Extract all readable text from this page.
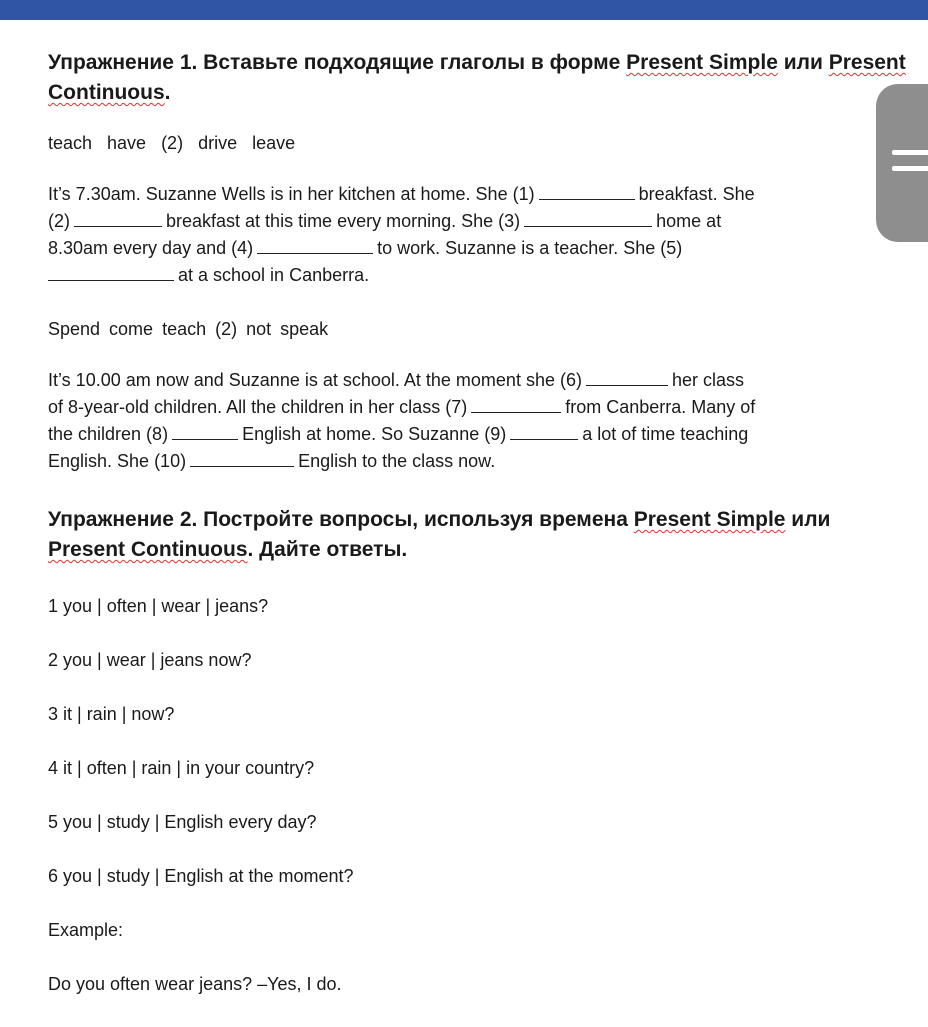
Упражнение 1. Вставьте подходящие глаголы в форме Present Simple или Present Continuous.
teach have (2) drive leave
It’s 7.30am. Suzanne Wells is in her kitchen at home. She (1)	breakfast. She
(2)	breakfast at this time every morning. She (3)	home at
8.30am every day and (4)	to work. Suzanne is a teacher. She (5)
at a school in Canberra.
Spend come teach (2) not speak
It’s 10.00 am now and Suzanne is at school. At the moment she (6)	her class
of 8-year-old children. All the children in her class (7)	from Canberra. Many of
the children (8)	English at home. So Suzanne (9)	a lot of time teaching
English. She (10)	English to the class now.
Упражнение 2. Постройте вопросы, используя времена Present Simple или Present Continuous. Дайте ответы.

1 you | often | wear | jeans?

2 you | wear | jeans now?

3 it | rain | now?

4 it | often | rain | in your country?

5 you | study | English every day?

6 you | study | English at the moment?

Example:

Do you often wear jeans? –Yes, I do.
